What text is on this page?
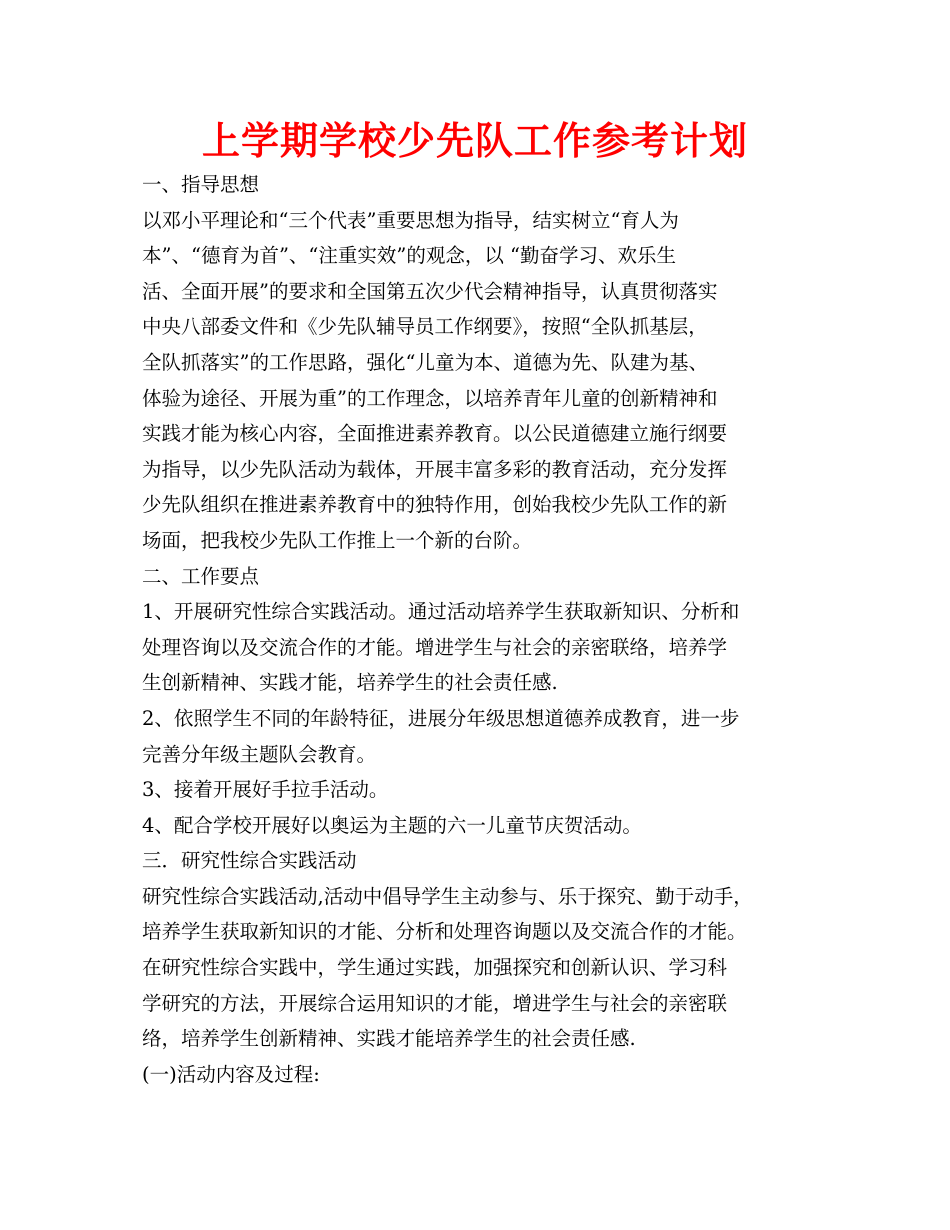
上学期学校少先队工作参考计划
一、指导思想
以邓小平理论和“三个代表”重要思想为指导，结实树立“育人为
本”、“德育为首”、“注重实效”的观念，以 “勤奋学习、欢乐生
活、全面开展”的要求和全国第五次少代会精神指导，认真贯彻落实
中央八部委文件和《少先队辅导员工作纲要》，按照“全队抓基层，
全队抓落实”的工作思路，强化“儿童为本、道德为先、队建为基、
体验为途径、开展为重”的工作理念，以培养青年儿童的创新精神和
实践才能为核心内容，全面推进素养教育。以公民道德建立施行纲要
为指导，以少先队活动为载体，开展丰富多彩的教育活动，充分发挥
少先队组织在推进素养教育中的独特作用，创始我校少先队工作的新
场面，把我校少先队工作推上一个新的台阶。
二、工作要点
1、开展研究性综合实践活动。通过活动培养学生获取新知识、分析和
处理咨询以及交流合作的才能。增进学生与社会的亲密联络，培养学
生创新精神、实践才能，培养学生的社会责任感.
2、依照学生不同的年龄特征，进展分年级思想道德养成教育，进一步
完善分年级主题队会教育。
3、接着开展好手拉手活动。
4、配合学校开展好以奥运为主题的六一儿童节庆贺活动。
三．研究性综合实践活动
研究性综合实践活动,活动中倡导学生主动参与、乐于探究、勤于动手，
培养学生获取新知识的才能、分析和处理咨询题以及交流合作的才能。
在研究性综合实践中，学生通过实践，加强探究和创新认识、学习科
学研究的方法，开展综合运用知识的才能，增进学生与社会的亲密联
络，培养学生创新精神、实践才能培养学生的社会责任感.
(一)活动内容及过程:
